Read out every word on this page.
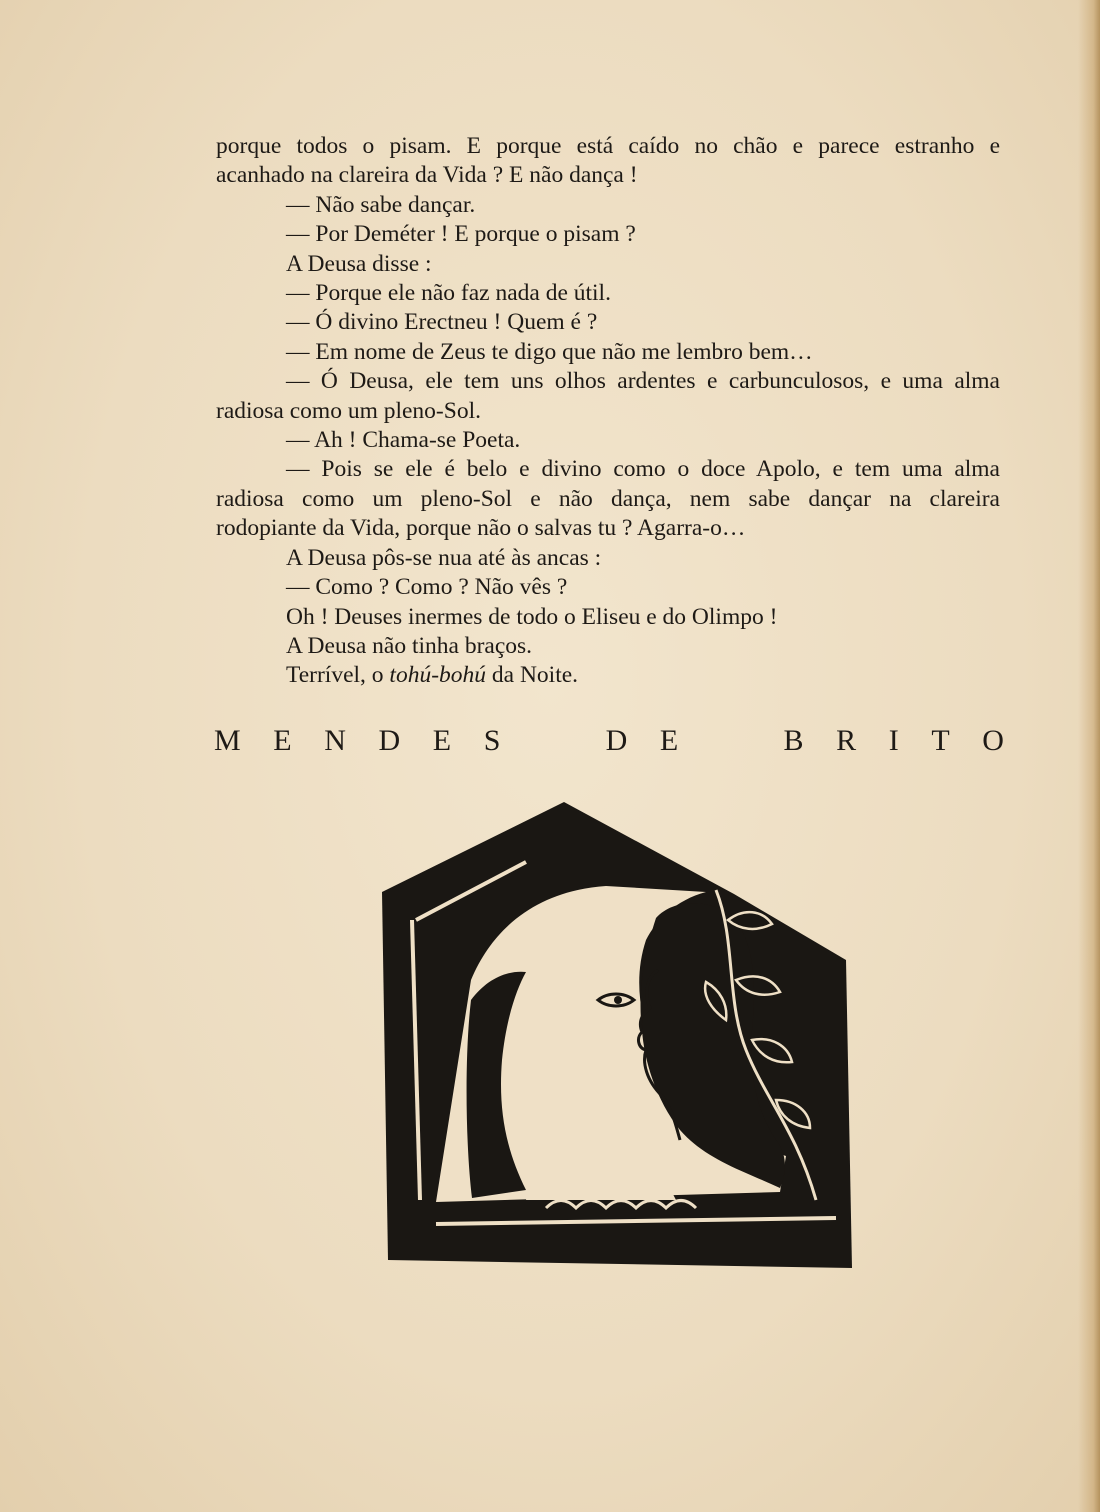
porque todos o pisam. E porque está caído no chão e parece estranho e
acanhado na clareira da Vida ? E não dança !
— Não sabe dançar.
— Por Deméter ! E porque o pisam ?
A Deusa disse :
— Porque ele não faz nada de útil.
— Ó divino Erectneu ! Quem é ?
— Em nome de Zeus te digo que não me lembro bem…
— Ó Deusa, ele tem uns olhos ardentes e carbunculosos, e uma alma
radiosa como um pleno-Sol.
— Ah ! Chama-se Poeta.
— Pois se ele é belo e divino como o doce Apolo, e tem uma alma
radiosa como um pleno-Sol e não dança, nem sabe dançar na clareira
rodopiante da Vida, porque não o salvas tu ? Agarra-o…
A Deusa pôs-se nua até às ancas :
— Como ? Como ? Não vês ?
Oh ! Deuses inermes de todo o Eliseu e do Olimpo !
A Deusa não tinha braços.
Terrível, o tohú-bohú da Noite.
M E N D E S	D E	B R I T O
